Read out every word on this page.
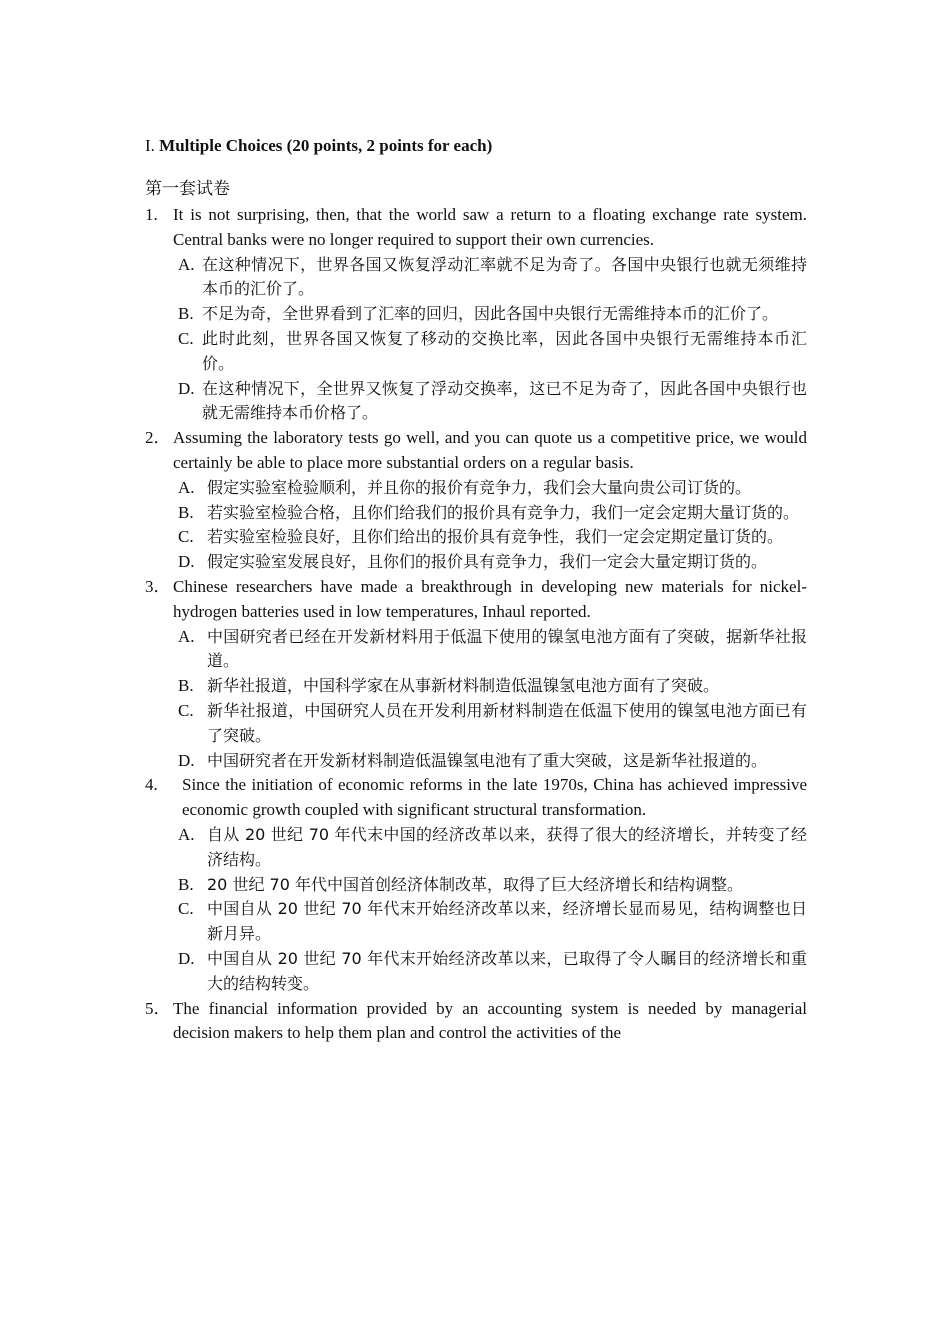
I. Multiple Choices (20 points, 2 points for each)
第一套试卷
1. It is not surprising, then, that the world saw a return to a floating exchange rate system. Central banks were no longer required to support their own currencies.
A. 在这种情况下，世界各国又恢复浮动汇率就不足为奇了。各国中央银行也就无须维持本币的汇价了。
B. 不足为奇，全世界看到了汇率的回归，因此各国中央银行无需维持本币的汇价了。
C. 此时此刻，世界各国又恢复了移动的交换比率，因此各国中央银行无需维持本币汇价。
D. 在这种情况下，全世界又恢复了浮动交换率，这已不足为奇了，因此各国中央银行也就无需维持本币价格了。
2． Assuming the laboratory tests go well, and you can quote us a competitive price, we would certainly be able to place more substantial orders on a regular basis.
A. 假定实验室检验顺利，并且你的报价有竞争力，我们会大量向贵公司订货的。
B. 若实验室检验合格，且你们给我们的报价具有竞争力，我们一定会定期大量订货的。
C. 若实验室检验良好，且你们给出的报价具有竞争性，我们一定会定期定量订货的。
D. 假定实验室发展良好，且你们的报价具有竞争力，我们一定会大量定期订货的。
3． Chinese researchers have made a breakthrough in developing new materials for nickel-hydrogen batteries used in low temperatures, Inhaul reported.
A. 中国研究者已经在开发新材料用于低温下使用的镍氢电池方面有了突破，据新华社报道。
B. 新华社报道，中国科学家在从事新材料制造低温镍氢电池方面有了突破。
C. 新华社报道，中国研究人员在开发利用新材料制造在低温下使用的镍氢电池方面已有了突破。
D. 中国研究者在开发新材料制造低温镍氢电池有了重大突破，这是新华社报道的。
4.	Since the initiation of economic reforms in the late 1970s, China has achieved impressive economic growth coupled with significant structural transformation.
A. 自从 20 世纪 70 年代末中国的经济改革以来，获得了很大的经济增长，并转变了经济结构。
B. 20 世纪 70 年代中国首创经济体制改革，取得了巨大经济增长和结构调整。
C. 中国自从 20 世纪 70 年代末开始经济改革以来，经济增长显而易见，结构调整也日新月异。
D. 中国自从 20 世纪 70 年代末开始经济改革以来，已取得了令人瞩目的经济增长和重大的结构转变。
5． The financial information provided by an accounting system is needed by managerial decision makers to help them plan and control the activities of the
